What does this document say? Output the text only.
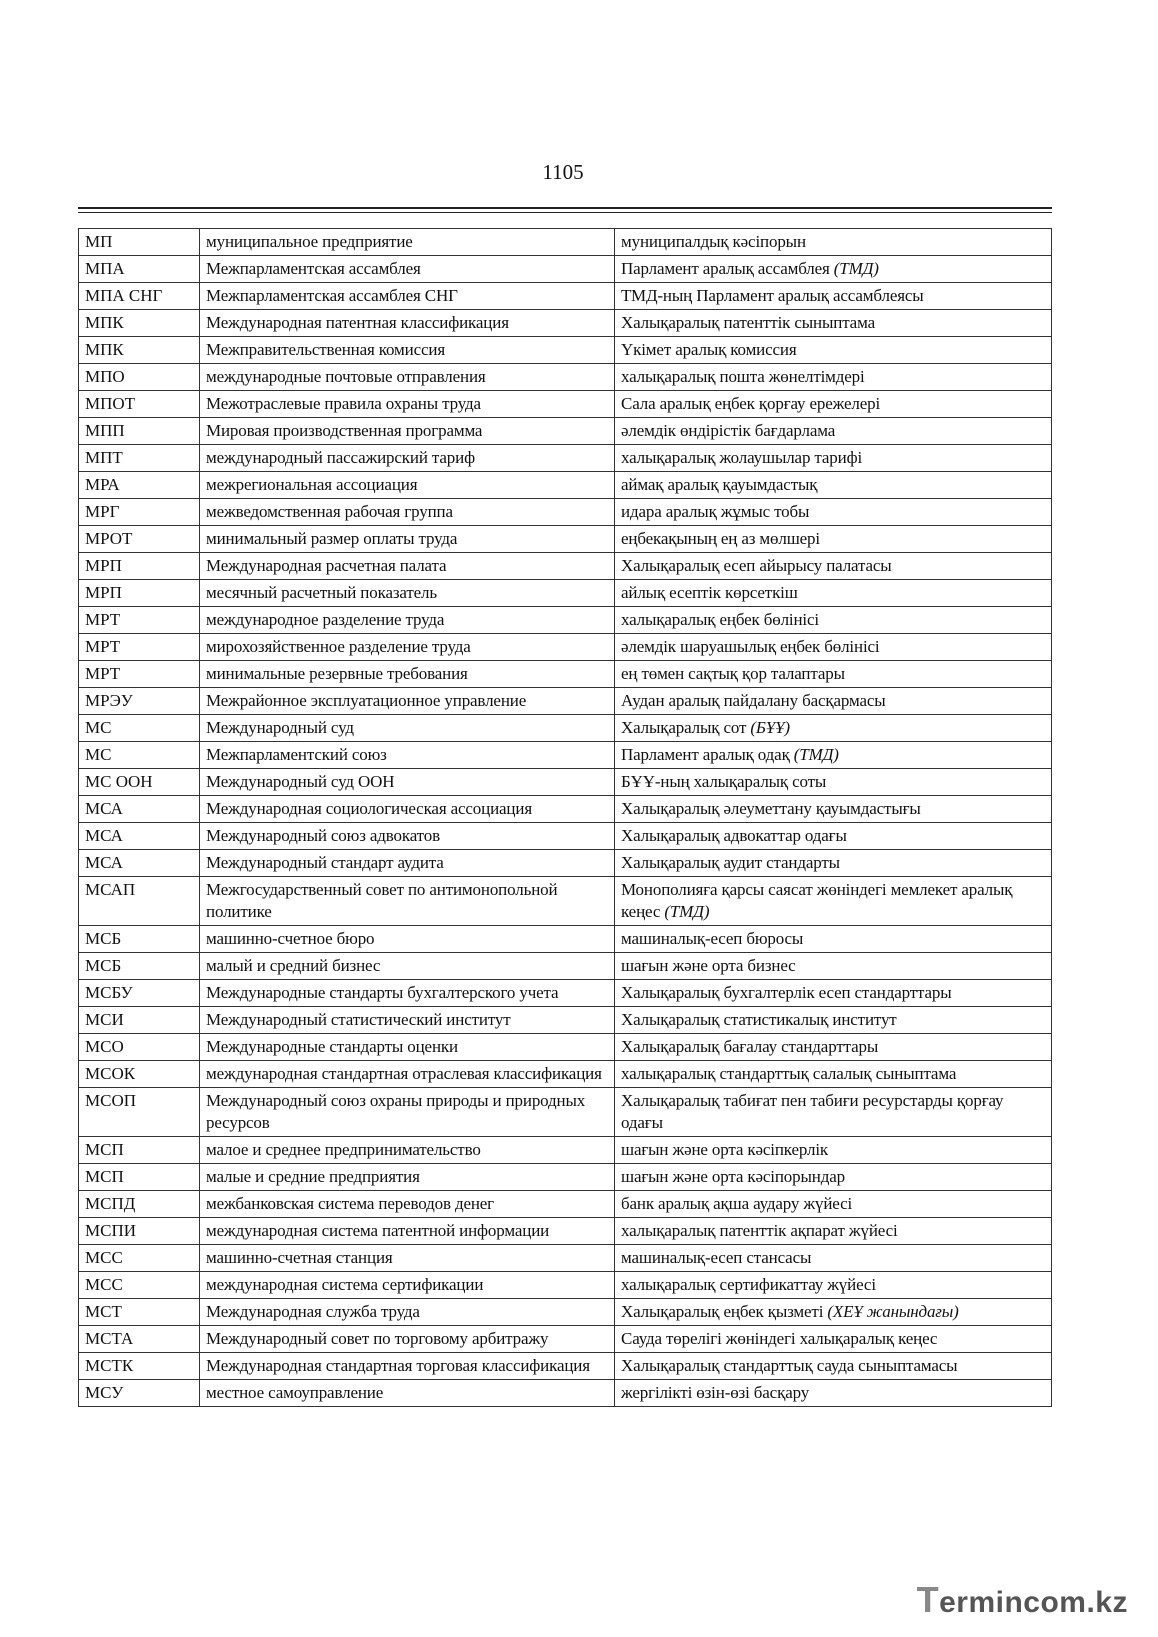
1105
МП	муниципальное предприятие	муниципалдық кәсіпорын
МПА	Межпарламентская ассамблея	Парламент аралық ассамблея (ТМД)
МПА СНГ	Межпарламентская ассамблея СНГ	ТМД-ның Парламент аралық ассамблеясы
МПК	Международная патентная классификация	Халықаралық патенттік сыныптама
МПК	Межправительственная комиссия	Үкімет аралық комиссия
МПО	международные почтовые отправления	халықаралық пошта жөнелтімдері
МПОТ	Межотраслевые правила охраны труда	Сала аралық еңбек қорғау ережелері
МПП	Мировая производственная программа	әлемдік өндірістік бағдарлама
МПТ	международный пассажирский тариф	халықаралық жолаушылар тарифі
МРА	межрегиональная ассоциация	аймақ аралық қауымдастық
МРГ	межведомственная рабочая группа	идара аралық жұмыс тобы
МРОТ	минимальный размер оплаты труда	еңбекақының ең аз мөлшері
МРП	Международная расчетная палата	Халықаралық есеп айырысу палатасы
МРП	месячный расчетный показатель	айлық есептік көрсеткіш
МРТ	международное разделение труда	халықаралық еңбек бөлінісі
МРТ	мирохозяйственное разделение труда	әлемдік шаруашылық еңбек бөлінісі
МРТ	минимальные резервные требования	ең төмен сақтық қор талаптары
МРЭУ	Межрайонное эксплуатационное управление	Аудан аралық пайдалану басқармасы
МС	Международный суд	Халықаралық сот (БҰҰ)
МС	Межпарламентский союз	Парламент аралық одақ (ТМД)
МС ООН	Международный суд ООН	БҰҰ-ның халықаралық соты
МСА	Международная социологическая ассоциация	Халықаралық әлеуметтану қауымдастығы
МСА	Международный союз адвокатов	Халықаралық адвокаттар одағы
МСА	Международный стандарт аудита	Халықаралық аудит стандарты
МСАП	Межгосударственный совет по антимонопольной политике	Монополияға қарсы саясат жөніндегі мемлекет аралық кеңес (ТМД)
МСБ	машинно-счетное бюро	машиналық-есеп бюросы
МСБ	малый и средний бизнес	шағын және орта бизнес
МСБУ	Международные стандарты бухгалтерского учета	Халықаралық бухгалтерлік есеп стандарттары
МСИ	Международный статистический институт	Халықаралық статистикалық институт
МСО	Международные стандарты оценки	Халықаралық бағалау стандарттары
МСОК	международная стандартная отраслевая классификация	халықаралық стандарттық салалық сыныптама
МСОП	Международный союз охраны природы и природных ресурсов	Халықаралық табиғат пен табиғи ресурстарды қорғау одағы
МСП	малое и среднее предпринимательство	шағын және орта кәсіпкерлік
МСП	малые и средние предприятия	шағын және орта кәсіпорындар
МСПД	межбанковская система переводов денег	банк аралық ақша аудару жүйесі
МСПИ	международная система патентной информации	халықаралық патенттік ақпарат жүйесі
МСС	машинно-счетная станция	машиналық-есеп стансасы
МСС	международная система сертификации	халықаралық сертификаттау жүйесі
МСТ	Международная служба труда	Халықаралық еңбек қызметі (ХЕҰ жанындағы)
МСТА	Международный совет по торговому арбитражу	Сауда төрелігі жөніндегі халықаралық кеңес
МСТК	Международная стандартная торговая классификация	Халықаралық стандарттық сауда сыныптамасы
МСУ	местное самоуправление	жергілікті өзін-өзі басқару
Termincom.kz
